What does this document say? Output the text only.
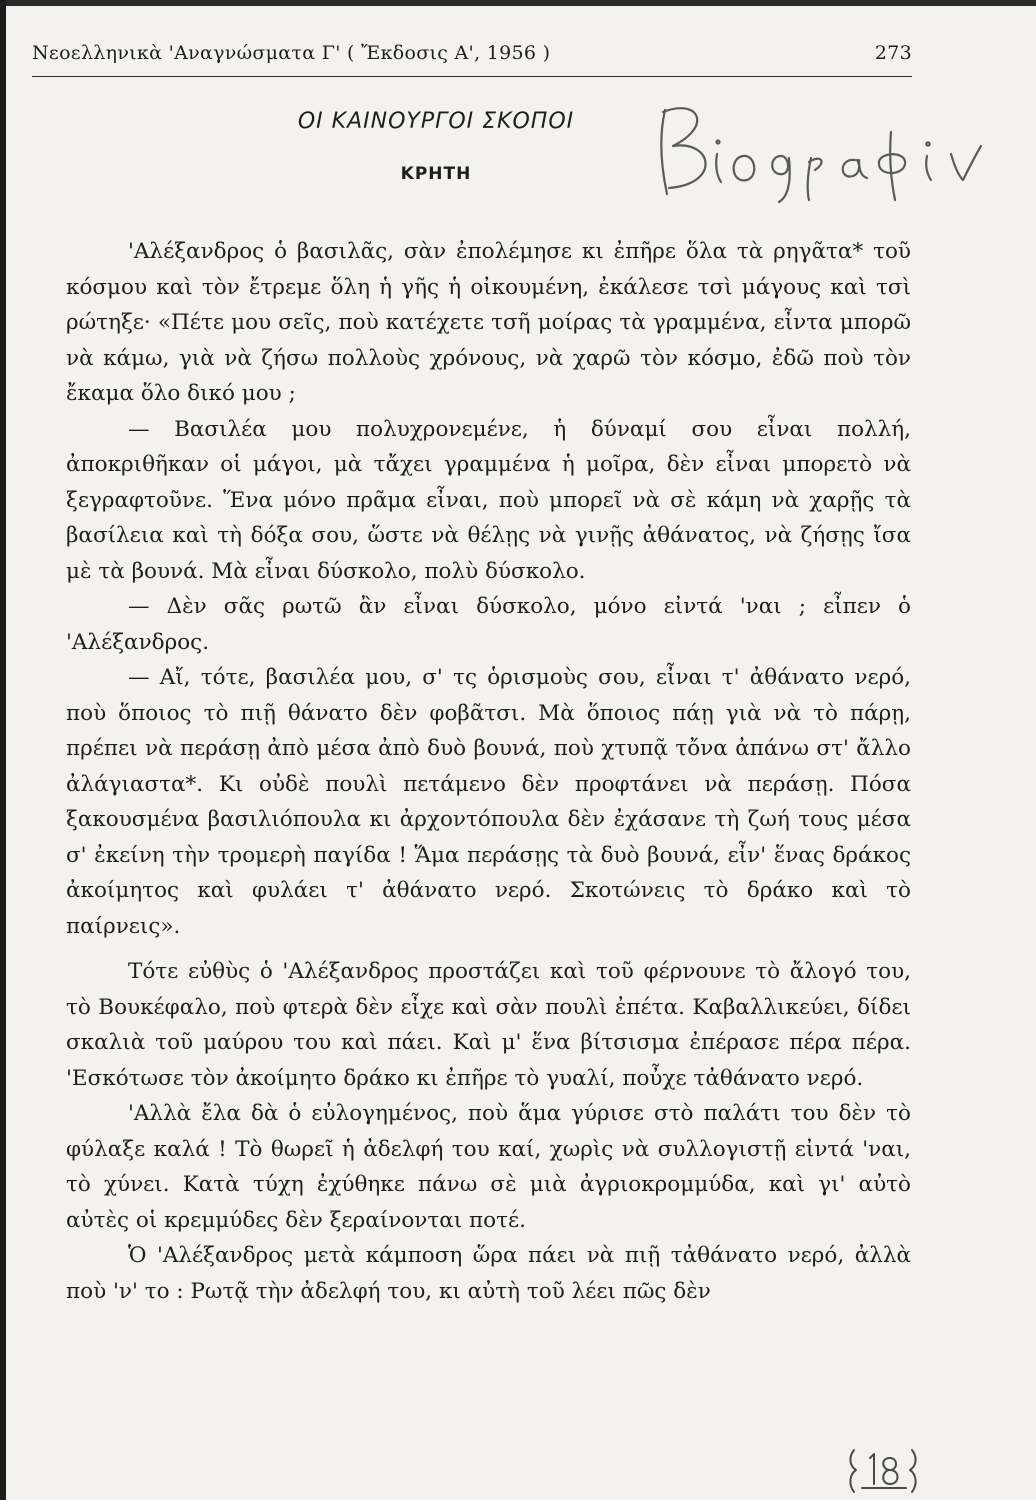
Νεοελληνικὰ 'Αναγνώσματα Γ' ( Ἔκδοσις Α', 1956 )	273
ΟΙ ΚΑΙΝΟΥΡΓΟΙ ΣΚΟΠΟΙ
ΚΡΗΤΗ

'Αλέξανδρος ὁ βασιλᾶς, σὰν ἐπολέμησε κι ἐπῆρε ὅλα τὰ ρηγᾶτα* τοῦ κόσμου καὶ τὸν ἔτρεμε ὅλη ἡ γῆς ἡ οἰκουμένη, ἐκάλεσε τσὶ μάγους καὶ τσὶ ρώτηξε· «Πέτε μου σεῖς, ποὺ κατέχετε τσῆ μοίρας τὰ γραμμένα, εἶντα μπορῶ νὰ κάμω, γιὰ νὰ ζήσω πολλοὺς χρόνους, νὰ χαρῶ τὸν κόσμο, ἐδῶ ποὺ τὸν ἔκαμα ὅλο δικό μου ;

— Βασιλέα μου πολυχρονεμένε, ἡ δύναμί σου εἶναι πολλή, ἀποκριθῆκαν οἱ μάγοι, μὰ τἄχει γραμμένα ἡ μοῖρα, δὲν εἶναι μπορετὸ νὰ ξεγραφτοῦνε. Ἕνα μόνο πρᾶμα εἶναι, ποὺ μπορεῖ νὰ σὲ κάμη νὰ χαρῇς τὰ βασίλεια καὶ τὴ δόξα σου, ὥστε νὰ θέλῃς νὰ γινῇς ἀθάνατος, νὰ ζήσῃς ἴσα μὲ τὰ βουνά. Μὰ εἶναι δύσκολο, πολὺ δύσκολο.

— Δὲν σᾶς ρωτῶ ἂν εἶναι δύσκολο, μόνο εἰντά 'ναι ; εἶπεν ὁ 'Αλέξανδρος.

— Αἴ, τότε, βασιλέα μου, σ' τς ὁρισμοὺς σου, εἶναι τ' ἀθάνατο νερό, ποὺ ὅποιος τὸ πιῇ θάνατο δὲν φοβᾶτσι. Μὰ ὅποιος πάῃ γιὰ νὰ τὸ πάρῃ, πρέπει νὰ περάσῃ ἀπὸ μέσα ἀπὸ δυὸ βουνά, ποὺ χτυπᾷ τὄνα ἀπάνω στ' ἄλλο ἀλάγιαστα*. Κι οὐδὲ πουλὶ πετάμενο δὲν προφτάνει νὰ περάσῃ. Πόσα ξακουσμένα βασιλιόπουλα κι ἀρχοντόπουλα δὲν ἐχάσανε τὴ ζωή τους μέσα σ' ἐκείνη τὴν τρομερὴ παγίδα ! Ἅμα περάσῃς τὰ δυὸ βουνά, εἶν' ἕνας δράκος ἀκοίμητος καὶ φυλάει τ' ἀθάνατο νερό. Σκοτώνεις τὸ δράκο καὶ τὸ παίρνεις».

Τότε εὐθὺς ὁ 'Αλέξανδρος προστάζει καὶ τοῦ φέρνουνε τὸ ἄλογό του, τὸ Βουκέφαλο, ποὺ φτερὰ δὲν εἶχε καὶ σὰν πουλὶ ἐπέτα. Καβαλλικεύει, δίδει σκαλιὰ τοῦ μαύρου του καὶ πάει. Καὶ μ' ἕνα βίτσισμα ἐπέρασε πέρα πέρα. 'Εσκότωσε τὸν ἀκοίμητο δράκο κι ἐπῆρε τὸ γυαλί, ποὖχε τἀθάνατο νερό.

'Αλλὰ ἔλα δὰ ὁ εὐλογημένος, ποὺ ἅμα γύρισε στὸ παλάτι του δὲν τὸ φύλαξε καλά ! Τὸ θωρεῖ ἡ ἀδελφή του καί, χωρὶς νὰ συλλογιστῇ εἰντά 'ναι, τὸ χύνει. Κατὰ τύχη ἐχύθηκε πάνω σὲ μιὰ ἀγριοκρομμύδα, καὶ γι' αὐτὸ αὐτὲς οἱ κρεμμύδες δὲν ξεραίνονται ποτέ.

Ὁ 'Αλέξανδρος μετὰ κάμποση ὥρα πάει νὰ πιῇ τἀθάνατο νερό, ἀλλὰ ποὺ 'ν' το : Ρωτᾷ τὴν ἀδελφή του, κι αὐτὴ τοῦ λέει πῶς δὲν
